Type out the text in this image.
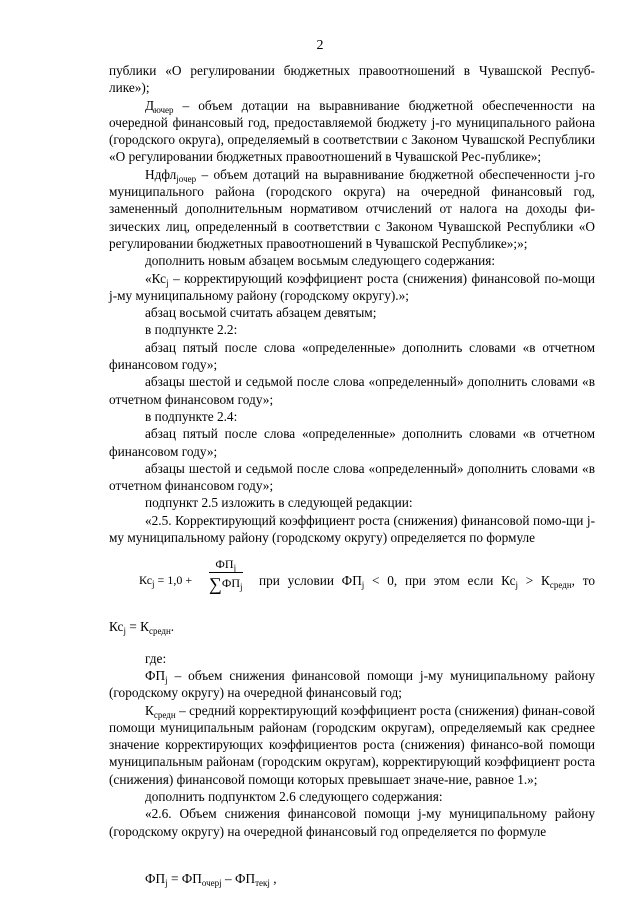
2

публики «О регулировании бюджетных правоотношений в Чувашской Респуб-лике»);

$Д_{ючер}$ – объем дотации на выравнивание бюджетной обеспеченности на очередной финансовый год, предоставляемой бюджету j-го муниципального района (городского округа), определяемый в соответствии с Законом Чувашской Республики «О регулировании бюджетных правоотношений в Чувашской Рес-публике»;

Ндфл$_{jочер}$ – объем дотаций на выравнивание бюджетной обеспеченности j-го муниципального района (городского округа) на очередной финансовый год, замененный дополнительным нормативом отчислений от налога на доходы фи-зических лиц, определенный в соответствии с Законом Чувашской Республики «О регулировании бюджетных правоотношений в Чувашской Республике»;»;

дополнить новым абзацем восьмым следующего содержания:

«$Кс_j$ – корректирующий коэффициент роста (снижения) финансовой по-мощи j-му муниципальному району (городскому округу).»;

абзац восьмой считать абзацем девятым;

в подпункте 2.2:

абзац пятый после слова «определенные» дополнить словами «в отчетном финансовом году»;

абзацы шестой и седьмой после слова «определенный» дополнить словами «в отчетном финансовом году»;

в подпункте 2.4:

абзац пятый после слова «определенные» дополнить словами «в отчетном финансовом году»;

абзацы шестой и седьмой после слова «определенный» дополнить словами «в отчетном финансовом году»;

подпункт 2.5 изложить в следующей редакции:

«2.5. Корректирующий коэффициент роста (снижения) финансовой помо-щи j-му муниципальному району (городскому округу) определяется по формуле

$Кс_j = 1,0$ +
$ФП_j$
$\sum ФП_j$ при условии $ФП_j < 0$, при этом если $Кс_j > К_{средн}$, то

$Кс_j = К_{средн}$.

где:

$ФП_j$ – объем снижения финансовой помощи j-му муниципальному району (городскому округу) на очередной финансовый год;

$К_{средн}$ – средний корректирующий коэффициент роста (снижения) финан-совой помощи муниципальным районам (городским округам), определяемый как среднее значение корректирующих коэффициентов роста (снижения) финансо-вой помощи муниципальным районам (городским округам), корректирующий коэффициент роста (снижения) финансовой помощи которых превышает значе-ние, равное 1.»;

дополнить подпунктом 2.6 следующего содержания:

«2.6. Объем снижения финансовой помощи j-му муниципальному району (городскому округу) на очередной финансовый год определяется по формуле

$ФП_j = ФП_{очерj} - ФП_{текj}$ ,
